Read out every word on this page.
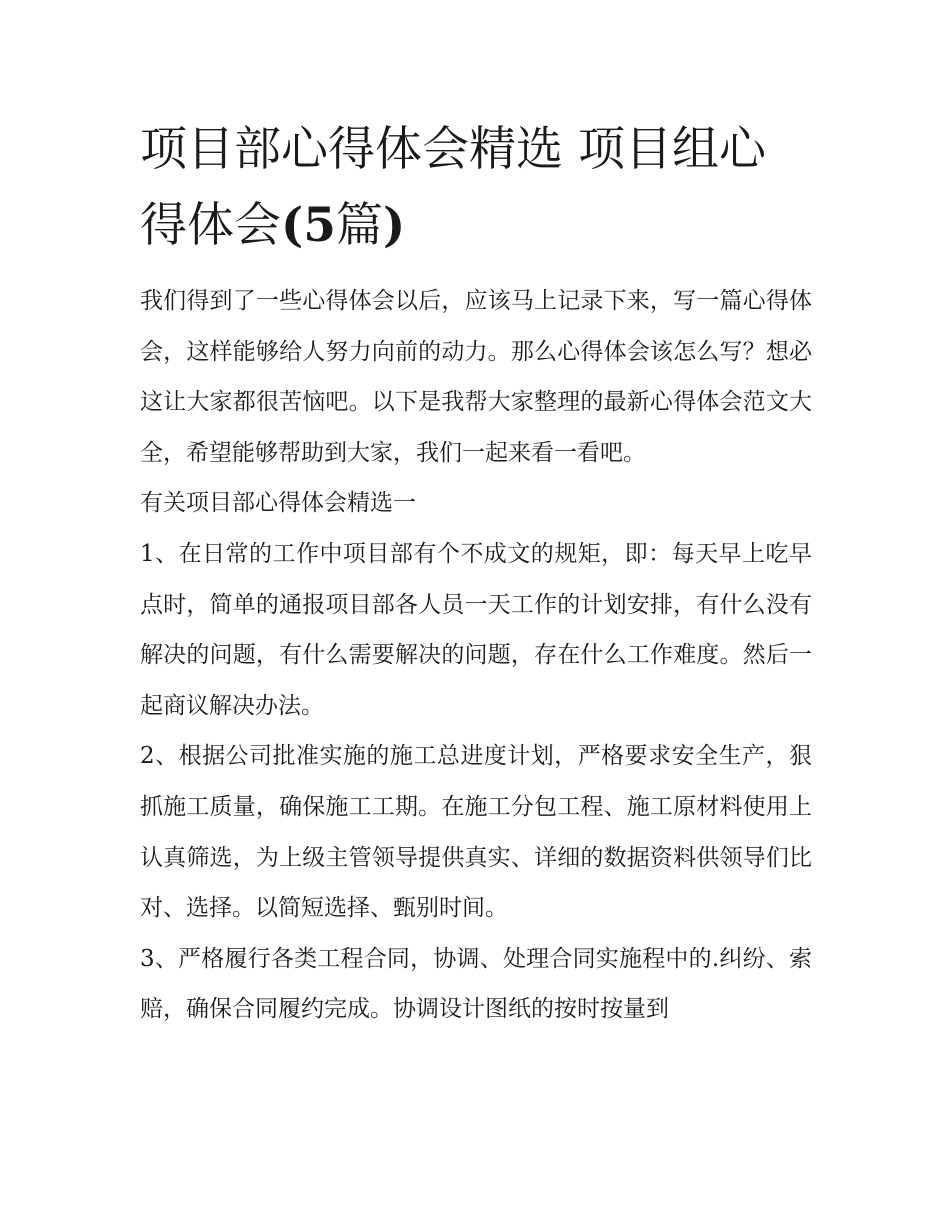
项目部心得体会精选 项目组心得体会(5篇)

我们得到了一些心得体会以后，应该马上记录下来，写一篇心得体会，这样能够给人努力向前的动力。那么心得体会该怎么写？想必这让大家都很苦恼吧。以下是我帮大家整理的最新心得体会范文大全，希望能够帮助到大家，我们一起来看一看吧。

有关项目部心得体会精选一

1、在日常的工作中项目部有个不成文的规矩，即：每天早上吃早点时，简单的通报项目部各人员一天工作的计划安排，有什么没有解决的问题，有什么需要解决的问题，存在什么工作难度。然后一起商议解决办法。

2、根据公司批准实施的施工总进度计划，严格要求安全生产，狠抓施工质量，确保施工工期。在施工分包工程、施工原材料使用上认真筛选，为上级主管领导提供真实、详细的数据资料供领导们比对、选择。以简短选择、甄别时间。

3、严格履行各类工程合同，协调、处理合同实施程中的.纠纷、索赔，确保合同履约完成。协调设计图纸的按时按量到
